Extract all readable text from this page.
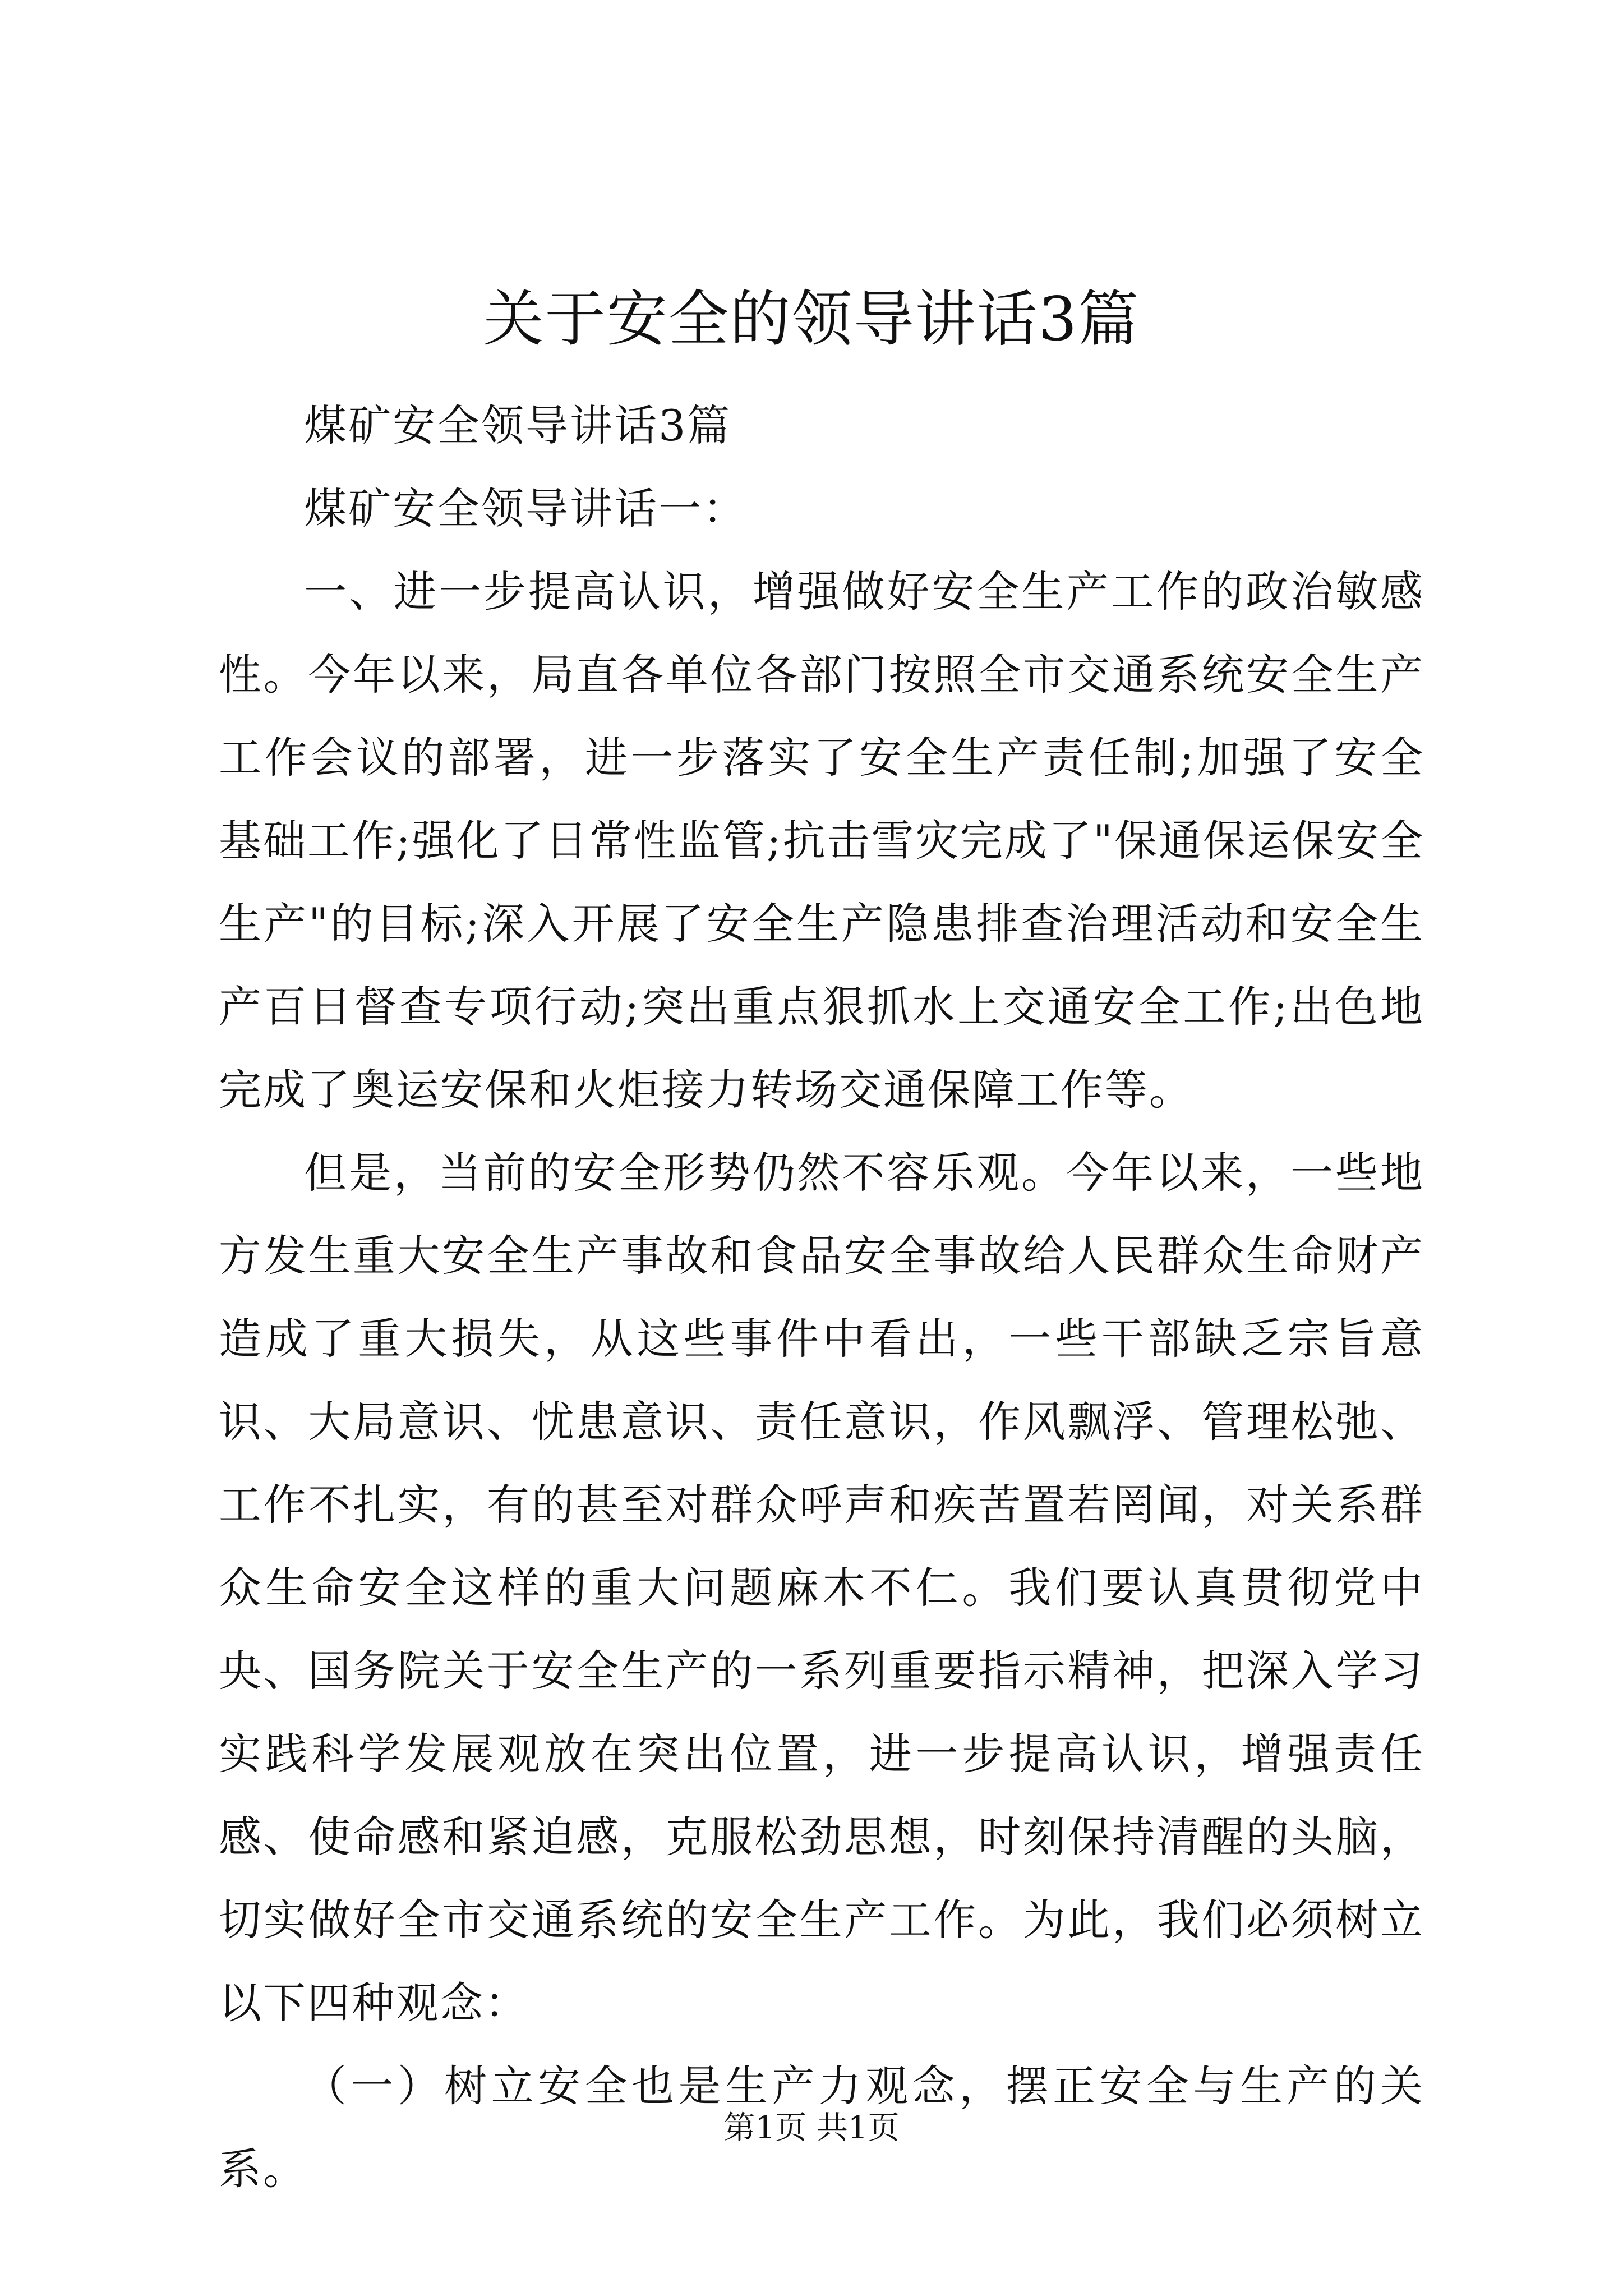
关于安全的领导讲话3篇

煤矿安全领导讲话3篇

煤矿安全领导讲话一：

一、进一步提高认识，增强做好安全生产工作的政治敏感性。今年以来，局直各单位各部门按照全市交通系统安全生产工作会议的部署，进一步落实了安全生产责任制;加强了安全基础工作;强化了日常性监管;抗击雪灾完成了"保通保运保安全生产"的目标;深入开展了安全生产隐患排查治理活动和安全生产百日督查专项行动;突出重点狠抓水上交通安全工作;出色地完成了奥运安保和火炬接力转场交通保障工作等。

但是，当前的安全形势仍然不容乐观。今年以来，一些地方发生重大安全生产事故和食品安全事故给人民群众生命财产造成了重大损失，从这些事件中看出，一些干部缺乏宗旨意识、大局意识、忧患意识、责任意识，作风飘浮、管理松弛、工作不扎实，有的甚至对群众呼声和疾苦置若罔闻，对关系群众生命安全这样的重大问题麻木不仁。我们要认真贯彻党中央、国务院关于安全生产的一系列重要指示精神，把深入学习实践科学发展观放在突出位置，进一步提高认识，增强责任感、使命感和紧迫感，克服松劲思想，时刻保持清醒的头脑，切实做好全市交通系统的安全生产工作。为此，我们必须树立以下四种观念：

（一）树立安全也是生产力观念，摆正安全与生产的关系。

第1页 共1页
